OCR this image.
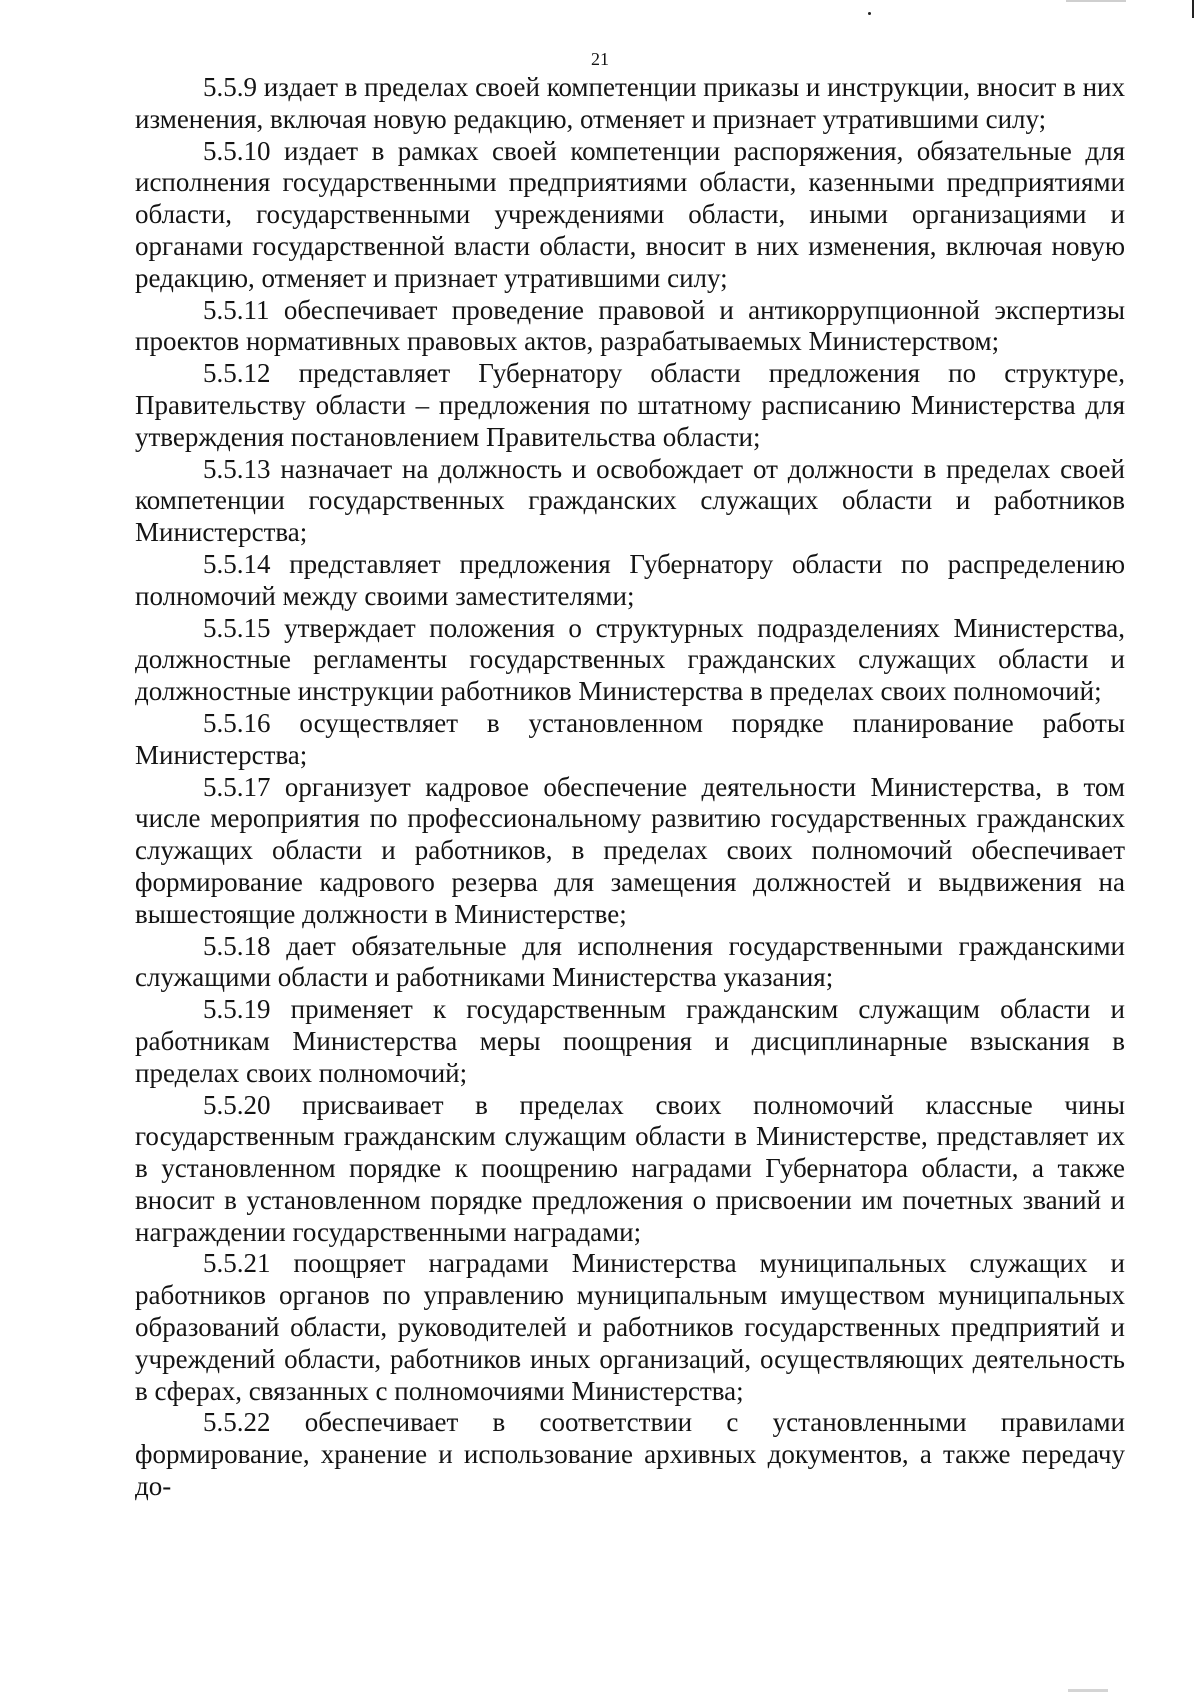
21

5.5.9 издает в пределах своей компетенции приказы и инструкции, вносит в них изменения, включая новую редакцию, отменяет и признает утратившими силу;

5.5.10 издает в рамках своей компетенции распоряжения, обязательные для исполнения государственными предприятиями области, казенными предприятиями области, государственными учреждениями области, иными организациями и органами государственной власти области, вносит в них изменения, включая новую редакцию, отменяет и признает утратившими силу;

5.5.11 обеспечивает проведение правовой и антикоррупционной экспертизы проектов нормативных правовых актов, разрабатываемых Министерством;

5.5.12 представляет Губернатору области предложения по структуре, Правительству области – предложения по штатному расписанию Министерства для утверждения постановлением Правительства области;

5.5.13 назначает на должность и освобождает от должности в пределах своей компетенции государственных гражданских служащих области и работников Министерства;

5.5.14 представляет предложения Губернатору области по распределению полномочий между своими заместителями;

5.5.15 утверждает положения о структурных подразделениях Министерства, должностные регламенты государственных гражданских служащих области и должностные инструкции работников Министерства в пределах своих полномочий;

5.5.16 осуществляет в установленном порядке планирование работы Министерства;

5.5.17 организует кадровое обеспечение деятельности Министерства, в том числе мероприятия по профессиональному развитию государственных гражданских служащих области и работников, в пределах своих полномочий обеспечивает формирование кадрового резерва для замещения должностей и выдвижения на вышестоящие должности в Министерстве;

5.5.18 дает обязательные для исполнения государственными гражданскими служащими области и работниками Министерства указания;

5.5.19 применяет к государственным гражданским служащим области и работникам Министерства меры поощрения и дисциплинарные взыскания в пределах своих полномочий;

5.5.20 присваивает в пределах своих полномочий классные чины государственным гражданским служащим области в Министерстве, представляет их в установленном порядке к поощрению наградами Губернатора области, а также вносит в установленном порядке предложения о присвоении им почетных званий и награждении государственными наградами;

5.5.21 поощряет наградами Министерства муниципальных служащих и работников органов по управлению муниципальным имуществом муниципальных образований области, руководителей и работников государственных предприятий и учреждений области, работников иных организаций, осуществляющих деятельность в сферах, связанных с полномочиями Министерства;

5.5.22 обеспечивает в соответствии с установленными правилами формирование, хранение и использование архивных документов, а также передачу до-
